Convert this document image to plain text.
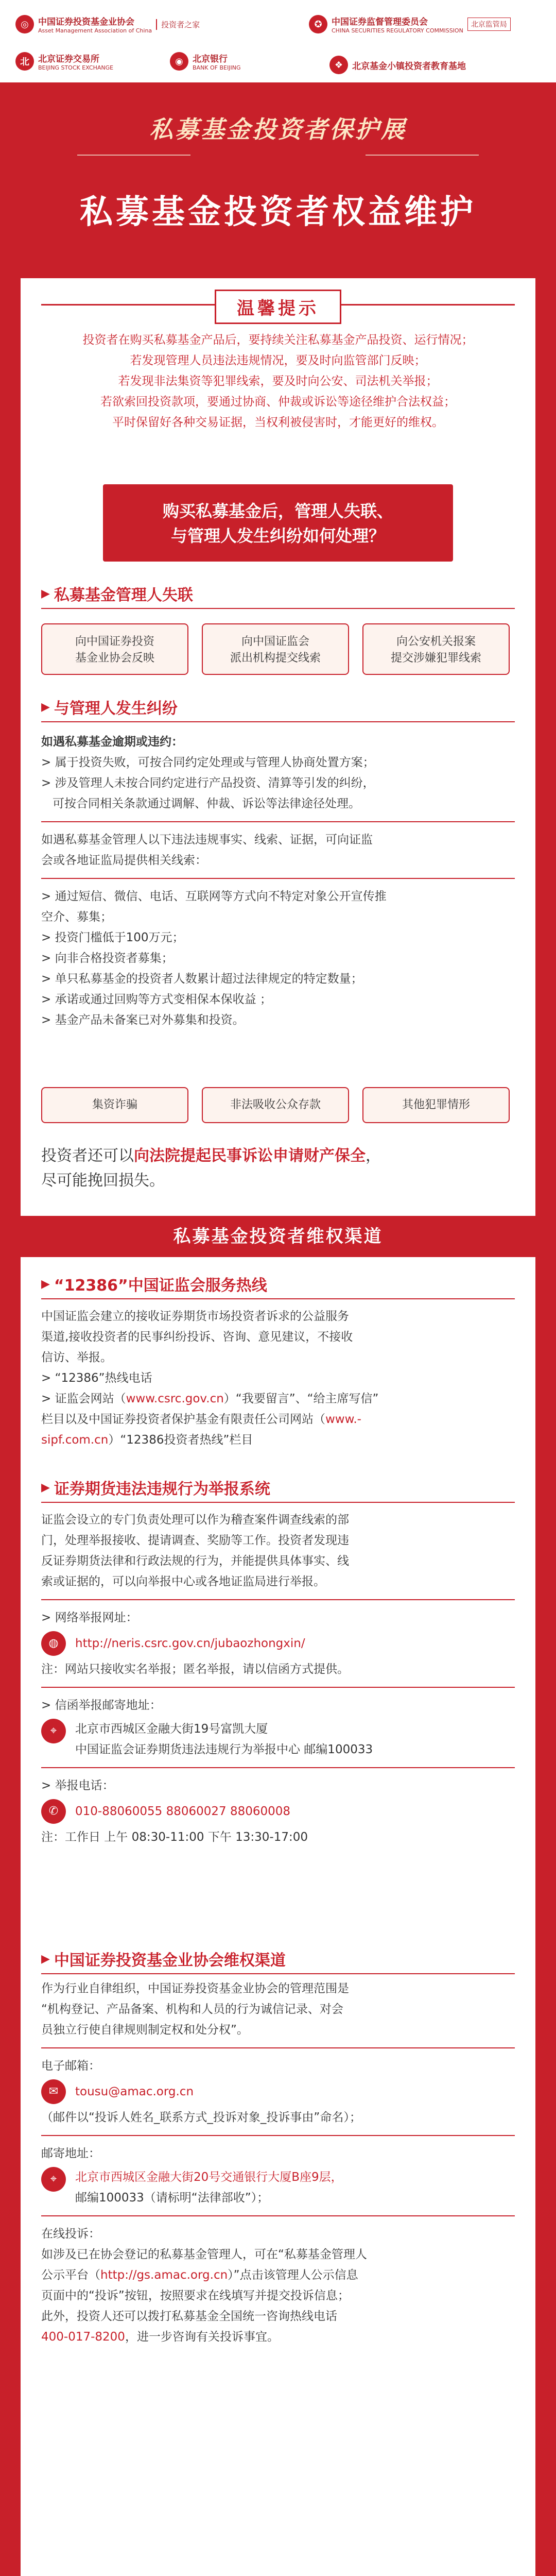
◎	中国证券投资基金业协会
Asset Management Association of China
投资者之家	✪	中国证券监督管理委员会
CHINA SECURITIES REGULATORY COMMISSION
北京监管局
北	北京证券交易所
BEIJING STOCK EXCHANGE
◉	北京银行
BANK OF BEIJING	❖	北京基金小镇投资者教育基地
私募基金投资者保护展
私募基金投资者权益维护
温馨提示
投资者在购买私募基金产品后，要持续关注私募基金产品投资、运行情况；
若发现管理人员违法违规情况，要及时向监管部门反映；
若发现非法集资等犯罪线索，要及时向公安、司法机关举报；
若欲索回投资款项，要通过协商、仲裁或诉讼等途径维护合法权益；
平时保留好各种交易证据，当权利被侵害时，才能更好的维权。
购买私募基金后，管理人失联、
与管理人发生纠纷如何处理？
▶ 私募基金管理人失联
向中国证券投资
基金业协会反映
向中国证监会
派出机构提交线索
向公安机关报案
提交涉嫌犯罪线索
▶ 与管理人发生纠纷

如遇私募基金逾期或违约：

> 属于投资失败，可按合同约定处理或与管理人协商处置方案；

> 涉及管理人未按合同约定进行产品投资、清算等引发的纠纷，

可按合同相关条款通过调解、仲裁、诉讼等法律途径处理。

如遇私募基金管理人以下违法违规事实、线索、证据，可向证监

会或各地证监局提供相关线索：

> 通过短信、微信、电话、互联网等方式向不特定对象公开宣传推

空介、募集；

> 投资门槛低于100万元；

> 向非合格投资者募集；

> 单只私募基金的投资者人数累计超过法律规定的特定数量；

> 承诺或通过回购等方式变相保本保收益 ；

> 基金产品未备案已对外募集和投资。

集资诈骗	非法吸收公众存款	其他犯罪情形
投资者还可以向法院提起民事诉讼申请财产保全，
尽可能挽回损失。
私募基金投资者维权渠道
▶ “12386”中国证监会服务热线

中国证监会建立的接收证券期货市场投资者诉求的公益服务

渠道,接收投资者的民事纠纷投诉、咨询、意见建议，不接收

信访、举报。

> “12386”热线电话

> 证监会网站（www.csrc.gov.cn）“我要留言”、“给主席写信”

栏目以及中国证券投资者保护基金有限责任公司网站（www.-

sipf.com.cn）“12386投资者热线”栏目

▶ 证券期货违法违规行为举报系统

证监会设立的专门负责处理可以作为稽查案件调查线索的部

门，处理举报接收、提请调查、奖励等工作。投资者发现违

反证券期货法律和行政法规的行为，并能提供具体事实、线

索或证据的，可以向举报中心或各地证监局进行举报。

> 网络举报网址：

◍	http://neris.csrc.gov.cn/jubaozhongxin/

注：网站只接收实名举报；匿名举报，请以信函方式提供。

> 信函举报邮寄地址：

⌖	北京市西城区金融大街19号富凯大厦

中国证监会证券期货违法违规行为举报中心 邮编100033

> 举报电话：

✆	010-88060055 88060027 88060008

注：工作日 上午 08:30-11:00 下午 13:30-17:00

▶ 中国证券投资基金业协会维权渠道

作为行业自律组织，中国证券投资基金业协会的管理范围是

“机构登记、产品备案、机构和人员的行为诚信记录、对会

员独立行使自律规则制定权和处分权”。

电子邮箱：

✉	tousu@amac.org.cn

（邮件以“投诉人姓名_联系方式_投诉对象_投诉事由”命名）；

邮寄地址：

⌖	北京市西城区金融大街20号交通银行大厦B座9层，

邮编100033（请标明“法律部收”）；

在线投诉：

如涉及已在协会登记的私募基金管理人，可在“私募基金管理人

公示平台（http://gs.amac.org.cn）”点击该管理人公示信息

页面中的“投诉”按钮，按照要求在线填写并提交投诉信息；

此外，投资人还可以拨打私募基金全国统一咨询热线电话

400-017-8200，进一步咨询有关投诉事宜。
